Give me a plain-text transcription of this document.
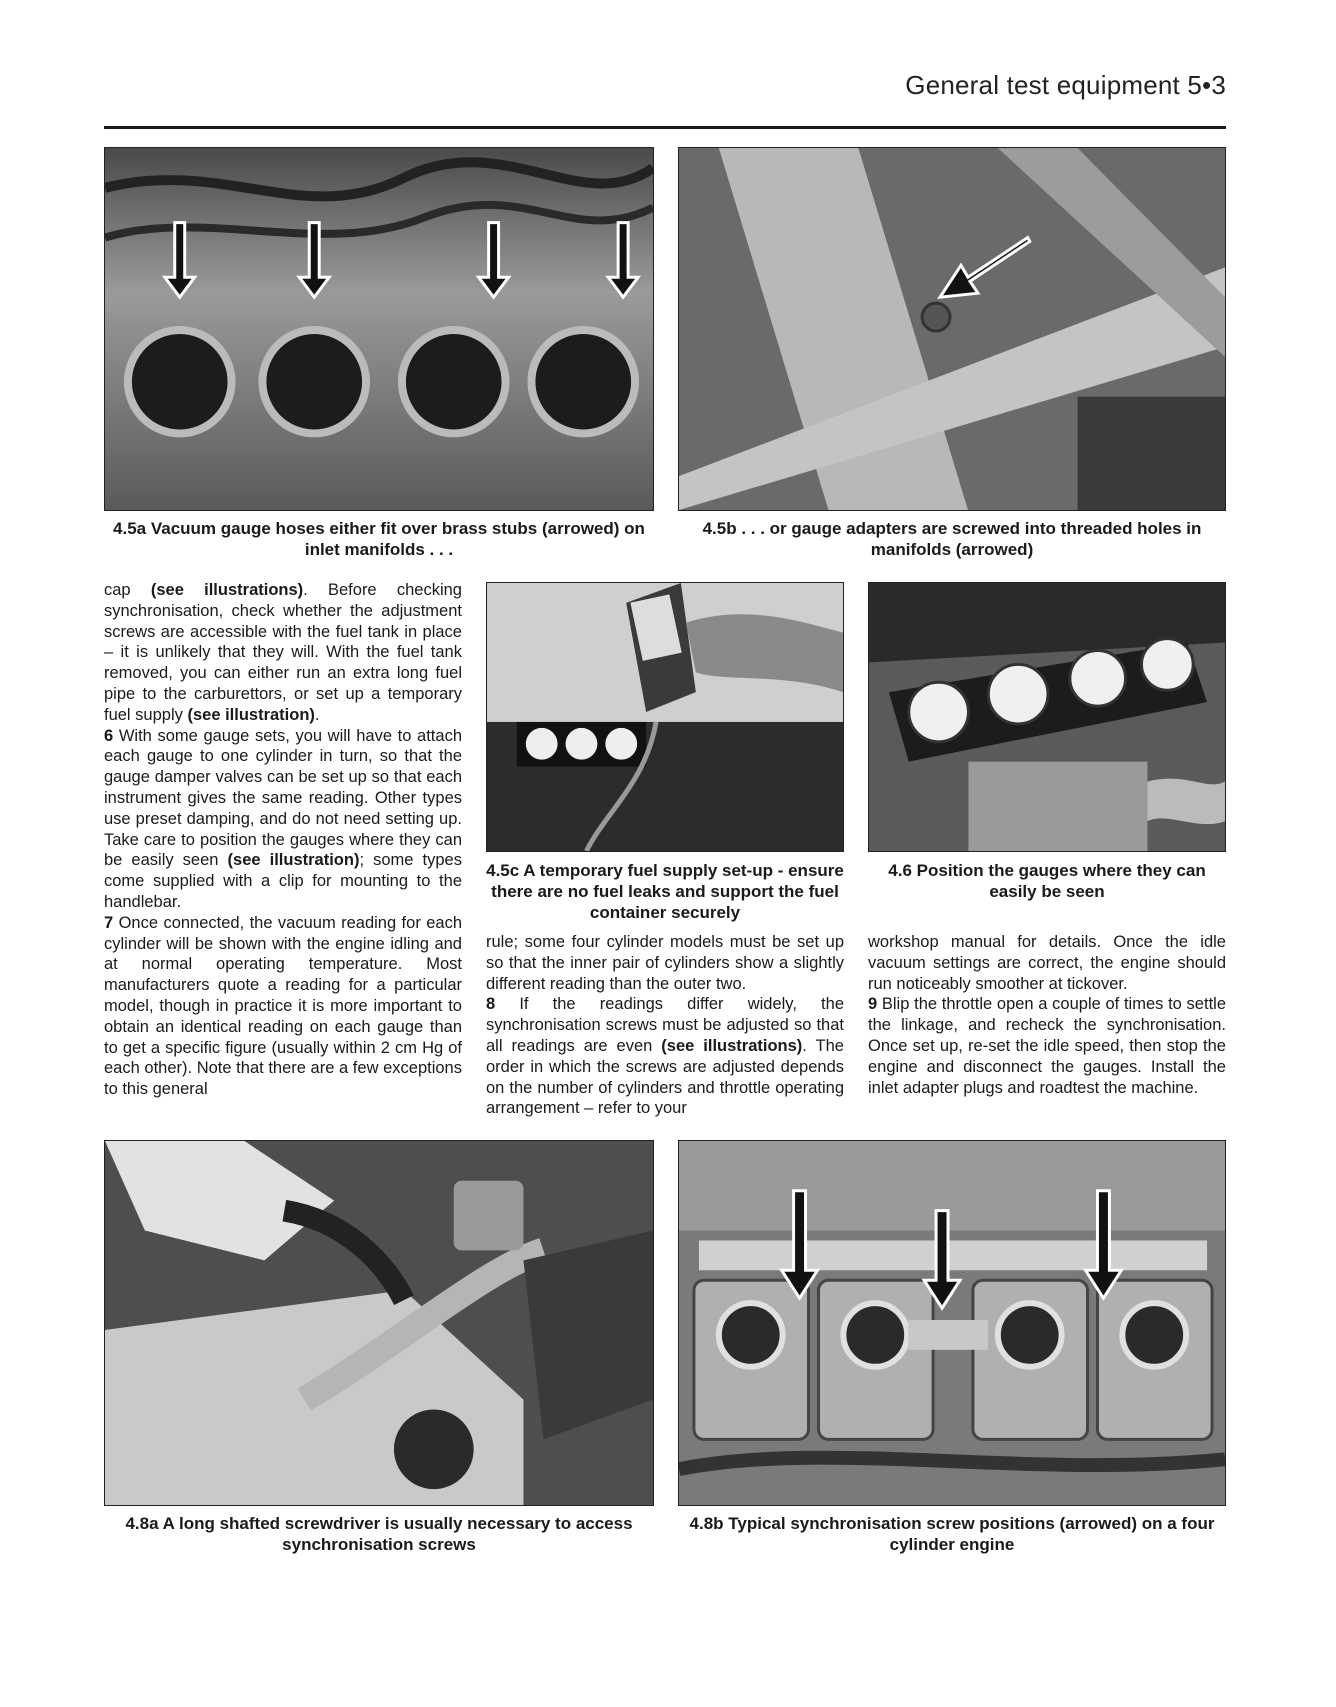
General test equipment 5•3
4.5a Vacuum gauge hoses either fit over brass stubs (arrowed) on inlet manifolds . . .
4.5b . . . or gauge adapters are screwed into threaded holes in manifolds (arrowed)

cap (see illustrations). Before checking synchronisation, check whether the adjustment screws are accessible with the fuel tank in place – it is unlikely that they will. With the fuel tank removed, you can either run an extra long fuel pipe to the carburettors, or set up a temporary fuel supply (see illustration).

6 With some gauge sets, you will have to attach each gauge to one cylinder in turn, so that the gauge damper valves can be set up so that each instrument gives the same reading. Other types use preset damping, and do not need setting up. Take care to position the gauges where they can be easily seen (see illustration); some types come supplied with a clip for mounting to the handlebar.

7 Once connected, the vacuum reading for each cylinder will be shown with the engine idling and at normal operating temperature. Most manufacturers quote a reading for a particular model, though in practice it is more important to obtain an identical reading on each gauge than to get a specific figure (usually within 2 cm Hg of each other). Note that there are a few exceptions to this general

4.5c A temporary fuel supply set-up - ensure there are no fuel leaks and support the fuel container securely
4.6 Position the gauges where they can easily be seen

rule; some four cylinder models must be set up so that the inner pair of cylinders show a slightly different reading than the outer two.

8 If the readings differ widely, the synchronisation screws must be adjusted so that all readings are even (see illustrations). The order in which the screws are adjusted depends on the number of cylinders and throttle operating arrangement – refer to your

workshop manual for details. Once the idle vacuum settings are correct, the engine should run noticeably smoother at tickover.

9 Blip the throttle open a couple of times to settle the linkage, and recheck the synchronisation. Once set up, re-set the idle speed, then stop the engine and disconnect the gauges. Install the inlet adapter plugs and roadtest the machine.

4.8a A long shafted screwdriver is usually necessary to access synchronisation screws
4.8b Typical synchronisation screw positions (arrowed) on a four cylinder engine
